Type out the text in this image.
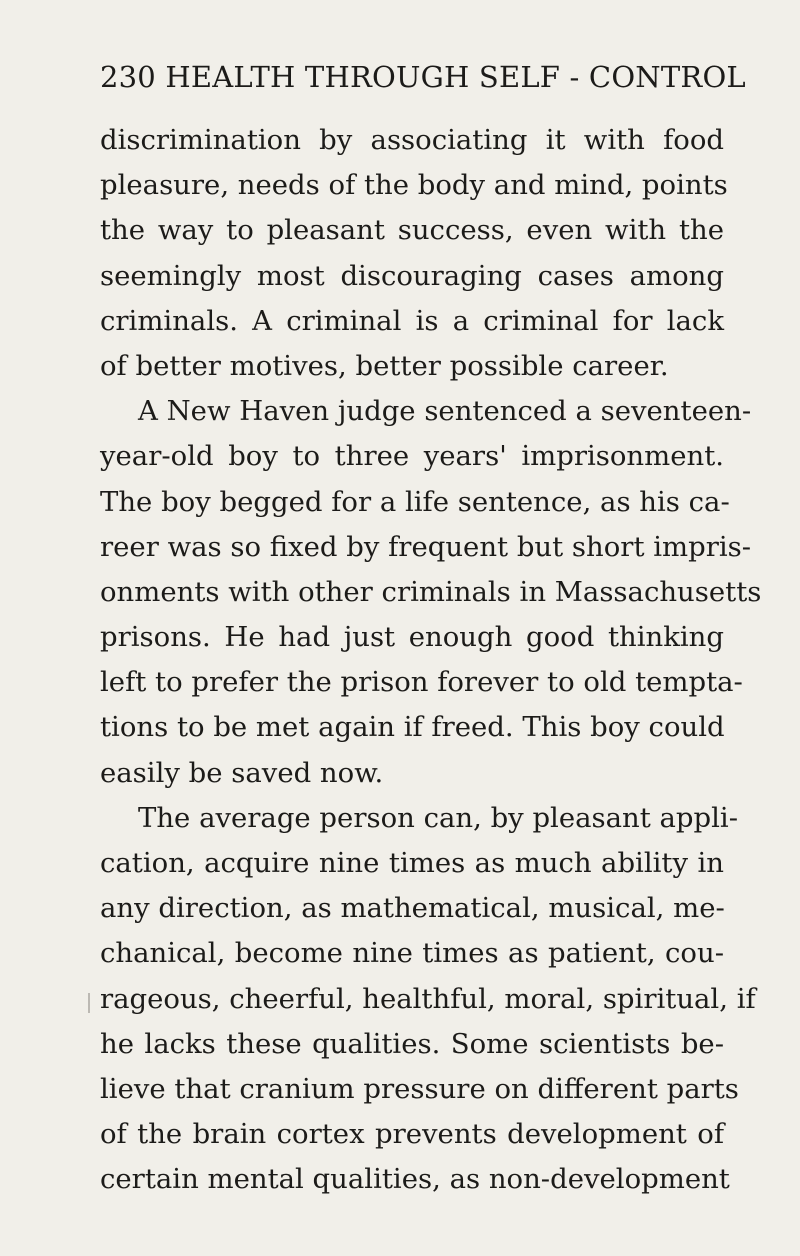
230 HEALTH THROUGH SELF - CONTROL
discrimination by associating it with food
pleasure, needs of the body and mind, points
the way to pleasant success, even with the
seemingly most discouraging cases among
criminals. A criminal is a criminal for lack
of better motives, better possible career.
A New Haven judge sentenced a seventeen-
year-old boy to three years' imprisonment.
The boy begged for a life sentence, as his ca-
reer was so fixed by frequent but short impris-
onments with other criminals in Massachusetts
prisons. He had just enough good thinking
left to prefer the prison forever to old tempta-
tions to be met again if freed. This boy could
easily be saved now.
The average person can, by pleasant appli-
cation, acquire nine times as much ability in
any direction, as mathematical, musical, me-
chanical, become nine times as patient, cou-
rageous, cheerful, healthful, moral, spiritual, if
he lacks these qualities. Some scientists be-
lieve that cranium pressure on different parts
of the brain cortex prevents development of
certain mental qualities, as non-development
